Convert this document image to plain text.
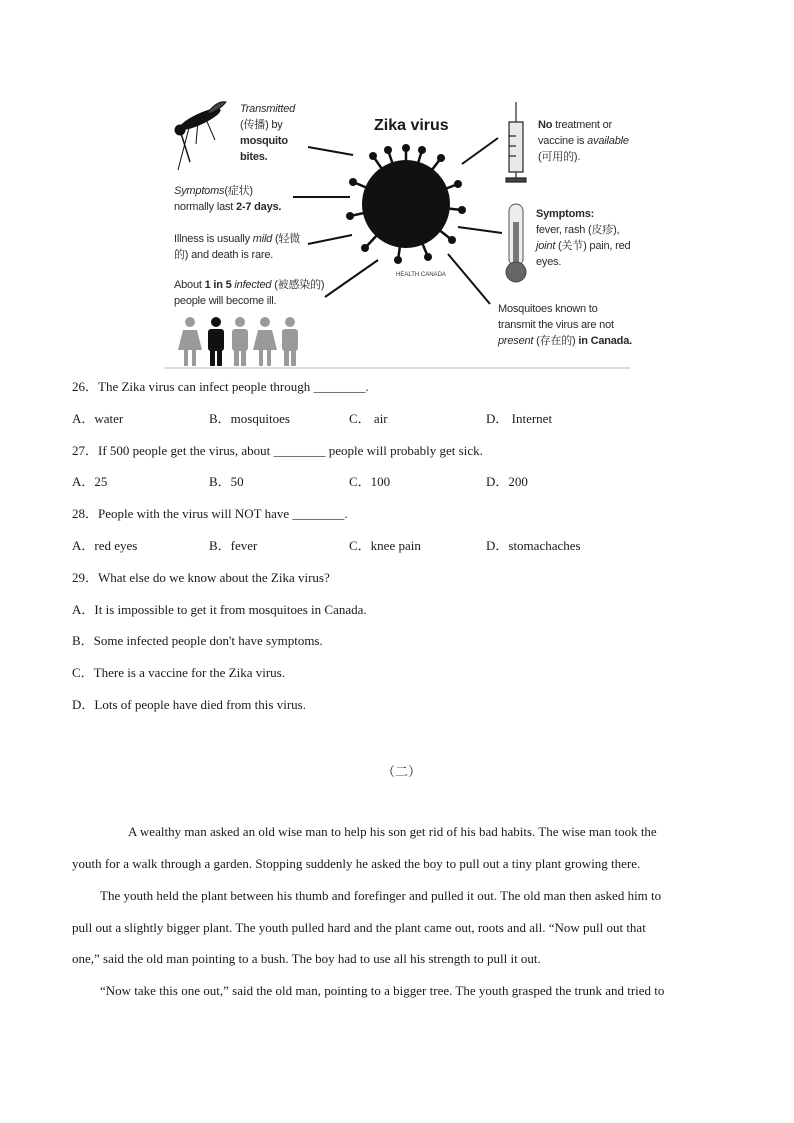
Zika virus
HEALTH CANADA
Transmitted
(传播) by
mosquito
bites.
Symptoms(症状)
normally last 2-7 days.
Illness is usually mild (轻微
的) and death is rare.
About 1 in 5 infected (被感染的)
people will become ill.
No treatment or
vaccine is available
(可用的).
Symptoms:
fever, rash (皮疹),
joint (关节) pain, red
eyes.
Mosquitoes known to
transmit the virus are not
present (存在的) in Canada.
26．The Zika virus can infect people through ________.
A．water	B．mosquitoes	C． air	D． Internet
27．If 500 people get the virus, about ________ people will probably get sick.
A．25	B．50	C．100	D．200
28．People with the virus will NOT have ________.
A．red eyes	B．fever	C．knee pain	D．stomachaches
29．What else do we know about the Zika virus?
A．It is impossible to get it from mosquitoes in Canada.
B．Some infected people don't have symptoms.
C．There is a vaccine for the Zika virus.
D．Lots of people have died from this virus.
（二）
A wealthy man asked an old wise man to help his son get rid of his bad habits. The wise man took the
youth for a walk through a garden. Stopping suddenly he asked the boy to pull out a tiny plant growing there.
The youth held the plant between his thumb and forefinger and pulled it out. The old man then asked him to
pull out a slightly bigger plant. The youth pulled hard and the plant came out, roots and all. “Now pull out that
one,” said the old man pointing to a bush. The boy had to use all his strength to pull it out.
“Now take this one out,” said the old man, pointing to a bigger tree. The youth grasped the trunk and tried to
